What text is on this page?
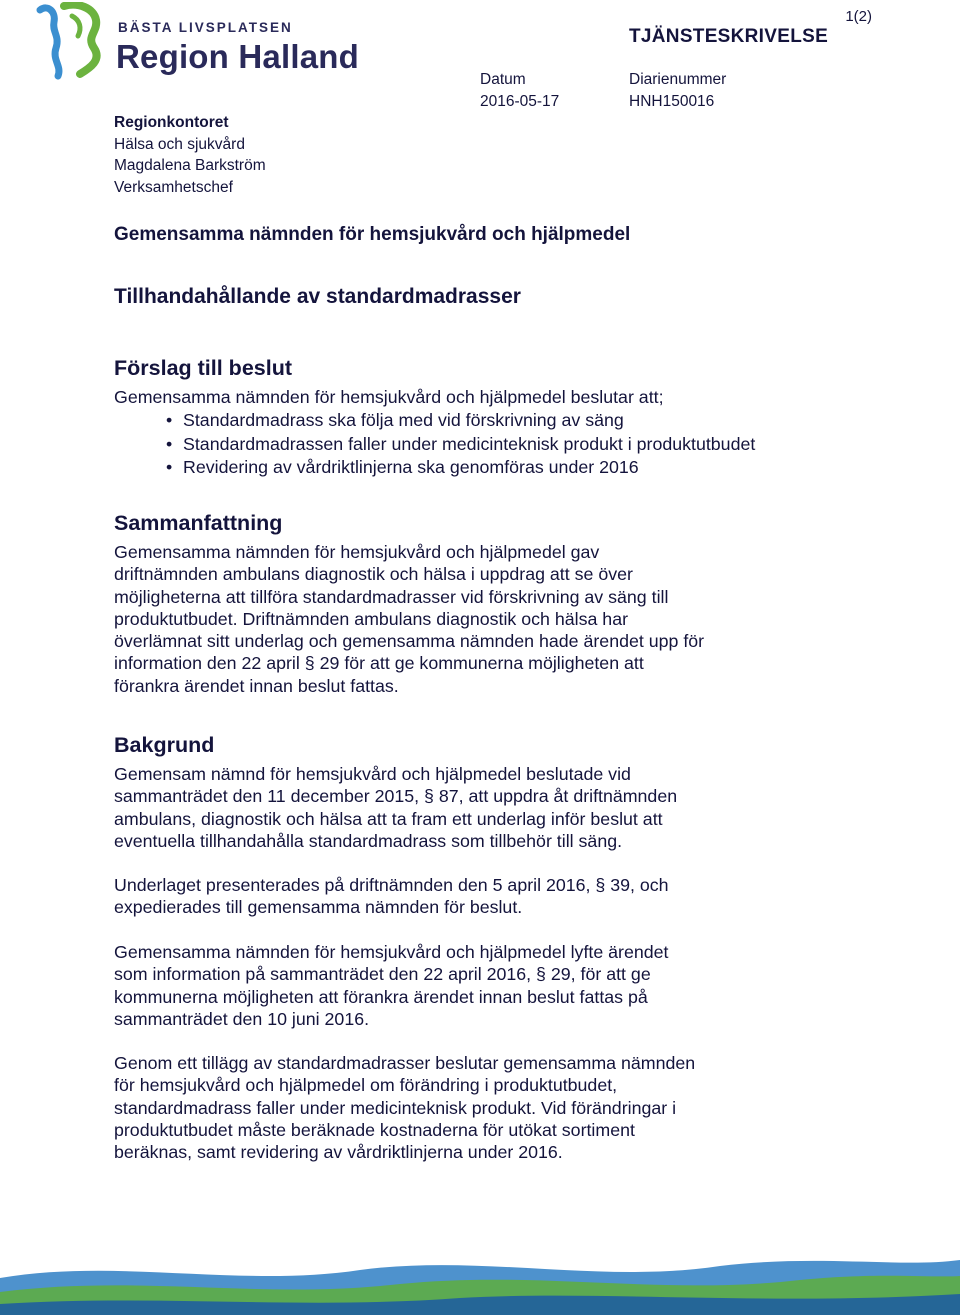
BÄSTA LIVSPLATSEN
Region Halland
1(2)
TJÄNSTESKRIVELSE
Datum
2016-05-17
Diarienummer
HNH150016
Regionkontoret
Hälsa och sjukvård
Magdalena Barkström
Verksamhetschef
Gemensamma nämnden för hemsjukvård och hjälpmedel
Tillhandahållande av standardmadrasser
Förslag till beslut
Gemensamma nämnden för hemsjukvård och hjälpmedel beslutar att;
• Standardmadrass ska följa med vid förskrivning av säng
• Standardmadrassen faller under medicinteknisk produkt i produktutbudet
• Revidering av vårdriktlinjerna ska genomföras under 2016
Sammanfattning
Gemensamma nämnden för hemsjukvård och hjälpmedel gav
driftnämnden ambulans diagnostik och hälsa i uppdrag att se över
möjligheterna att tillföra standardmadrasser vid förskrivning av säng till
produktutbudet. Driftnämnden ambulans diagnostik och hälsa har
överlämnat sitt underlag och gemensamma nämnden hade ärendet upp för
information den 22 april § 29 för att ge kommunerna möjligheten att
förankra ärendet innan beslut fattas.
Bakgrund
Gemensam nämnd för hemsjukvård och hjälpmedel beslutade vid
sammanträdet den 11 december 2015, § 87, att uppdra åt driftnämnden
ambulans, diagnostik och hälsa att ta fram ett underlag inför beslut att
eventuella tillhandahålla standardmadrass som tillbehör till säng.
Underlaget presenterades på driftnämnden den 5 april 2016, § 39, och
expedierades till gemensamma nämnden för beslut.
Gemensamma nämnden för hemsjukvård och hjälpmedel lyfte ärendet
som information på sammanträdet den 22 april 2016, § 29, för att ge
kommunerna möjligheten att förankra ärendet innan beslut fattas på
sammanträdet den 10 juni 2016.
Genom ett tillägg av standardmadrasser beslutar gemensamma nämnden
för hemsjukvård och hjälpmedel om förändring i produktutbudet,
standardmadrass faller under medicinteknisk produkt. Vid förändringar i
produktutbudet måste beräknade kostnaderna för utökat sortiment
beräknas, samt revidering av vårdriktlinjerna under 2016.
